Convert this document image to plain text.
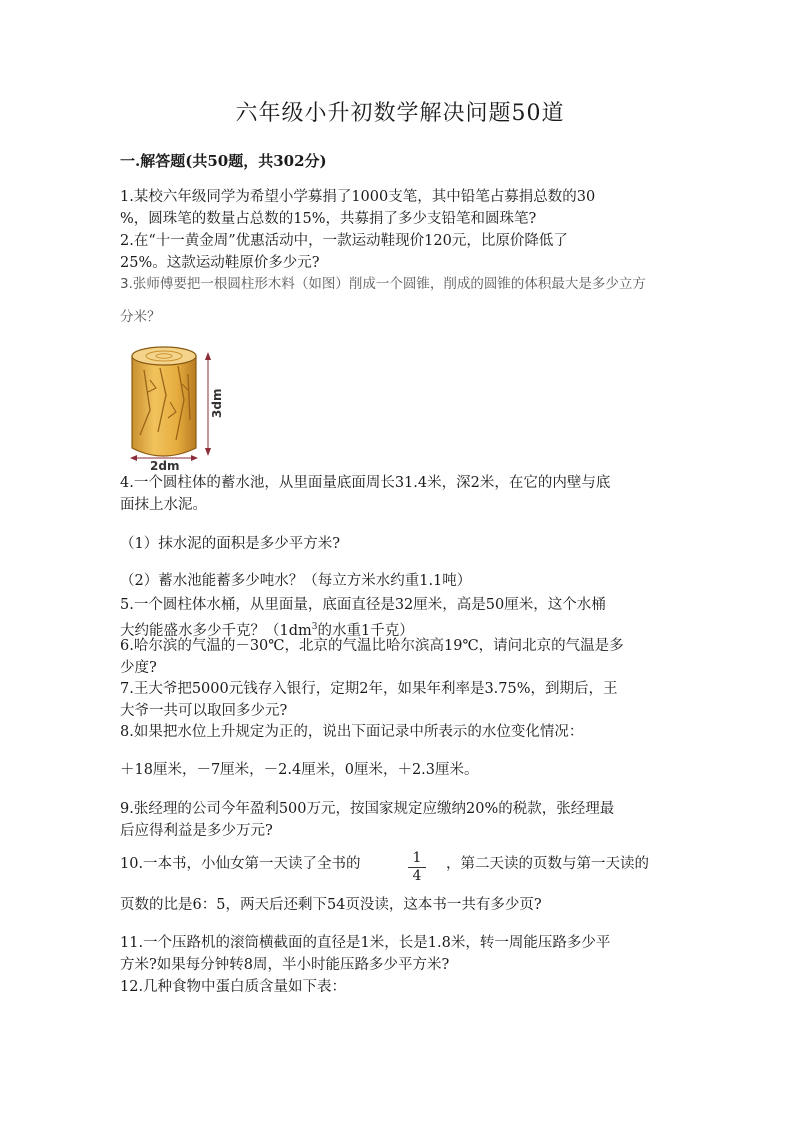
六年级小升初数学解决问题50道
一.解答题(共50题，共302分)
1.某校六年级同学为希望小学募捐了1000支笔，其中铅笔占募捐总数的30
%，圆珠笔的数量占总数的15%，共募捐了多少支铅笔和圆珠笔?
2.在“十一黄金周”优惠活动中，一款运动鞋现价120元，比原价降低了
25%。这款运动鞋原价多少元?
3.张师傅要把一根圆柱形木料（如图）削成一个圆锥，削成的圆锥的体积最大是多少立方
分米？
3dm
2dm
4.一个圆柱体的蓄水池，从里面量底面周长31.4米，深2米，在它的内壁与底
面抹上水泥。
（1）抹水泥的面积是多少平方米?
（2）蓄水池能蓄多少吨水？（每立方米水约重1.1吨）
5.一个圆柱体水桶，从里面量，底面直径是32厘米，高是50厘米，这个水桶
大约能盛水多少千克？（$1dm^3$的水重1千克）
6.哈尔滨的气温的－30℃，北京的气温比哈尔滨高19℃，请问北京的气温是多
少度?
7.王大爷把5000元钱存入银行，定期2年，如果年利率是3.75%，到期后，王
大爷一共可以取回多少元?
8.如果把水位上升规定为正的，说出下面记录中所表示的水位变化情况：
＋18厘米，－7厘米，－2.4厘米，0厘米，＋2.3厘米。
9.张经理的公司今年盈利500万元，按国家规定应缴纳20%的税款，张经理最
后应得利益是多少万元?
10.一本书，小仙女第一天读了全书的	1
4
，第二天读的页数与第一天读的
页数的比是6：5，两天后还剩下54页没读，这本书一共有多少页?
11.一个压路机的滚筒横截面的直径是1米，长是1.8米，转一周能压路多少平
方米?如果每分钟转8周，半小时能压路多少平方米?
12.几种食物中蛋白质含量如下表：
